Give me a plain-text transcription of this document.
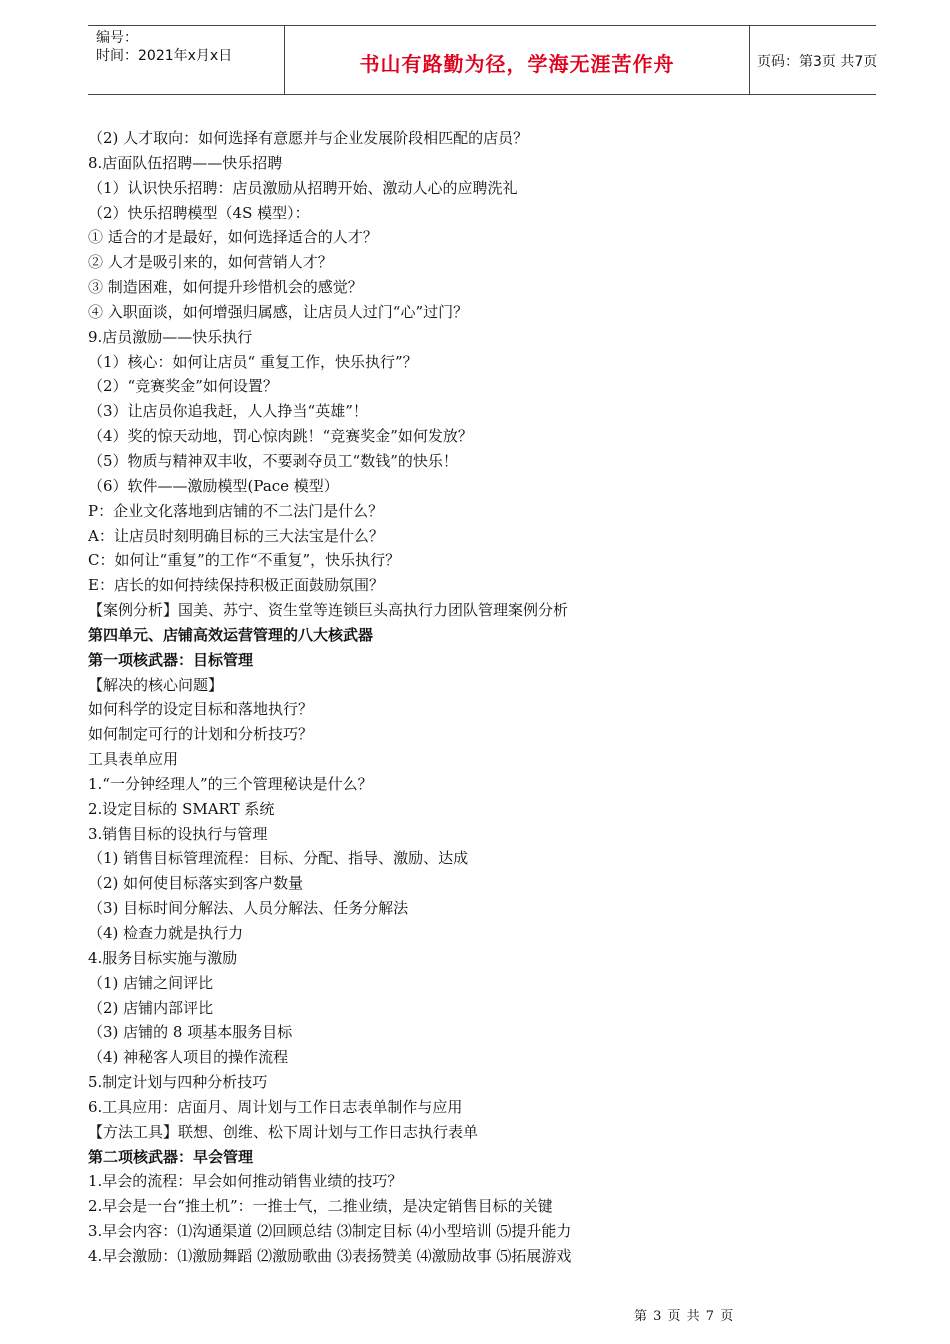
编号：
时间：2021年x月x日	书山有路勤为径，学海无涯苦作舟	页码：第3页 共7页
（2) 人才取向：如何选择有意愿并与企业发展阶段相匹配的店员？
8.店面队伍招聘——快乐招聘
（1）认识快乐招聘：店员激励从招聘开始、激动人心的应聘洗礼
（2）快乐招聘模型（4S 模型）：
① 适合的才是最好，如何选择适合的人才？
② 人才是吸引来的，如何营销人才？
③ 制造困难，如何提升珍惜机会的感觉？
④ 入职面谈，如何增强归属感，让店员人过门“心”过门？
9.店员激励——快乐执行
（1）核心：如何让店员“ 重复工作，快乐执行”？
（2）“竞赛奖金”如何设置？
（3）让店员你追我赶，人人挣当“英雄”！
（4）奖的惊天动地，罚心惊肉跳！“竞赛奖金”如何发放？
（5）物质与精神双丰收，不要剥夺员工“数钱”的快乐！
（6）软件——激励模型(Pace 模型）
P：企业文化落地到店铺的不二法门是什么？
A：让店员时刻明确目标的三大法宝是什么？
C：如何让“重复”的工作“不重复”，快乐执行？
E：店长的如何持续保持积极正面鼓励氛围？
【案例分析】国美、苏宁、资生堂等连锁巨头高执行力团队管理案例分析
第四单元、店铺高效运营管理的八大核武器
第一项核武器：目标管理
【解决的核心问题】
如何科学的设定目标和落地执行？
如何制定可行的计划和分析技巧？
工具表单应用
1.“一分钟经理人”的三个管理秘诀是什么？
2.设定目标的 SMART 系统
3.销售目标的设执行与管理
（1) 销售目标管理流程：目标、分配、指导、激励、达成
（2) 如何使目标落实到客户数量
（3) 目标时间分解法、人员分解法、任务分解法
（4) 检查力就是执行力
4.服务目标实施与激励
（1) 店铺之间评比
（2) 店铺内部评比
（3) 店铺的 8 项基本服务目标
（4) 神秘客人项目的操作流程
5.制定计划与四种分析技巧
6.工具应用：店面月、周计划与工作日志表单制作与应用
【方法工具】联想、创维、松下周计划与工作日志执行表单
第二项核武器：早会管理
1.早会的流程：早会如何推动销售业绩的技巧？
2.早会是一台“推土机”：一推士气，二推业绩，是决定销售目标的关键
3.早会内容：⑴沟通渠道 ⑵回顾总结 ⑶制定目标 ⑷小型培训 ⑸提升能力
4.早会激励：⑴激励舞蹈 ⑵激励歌曲 ⑶表扬赞美 ⑷激励故事 ⑸拓展游戏
第 3 页 共 7 页
